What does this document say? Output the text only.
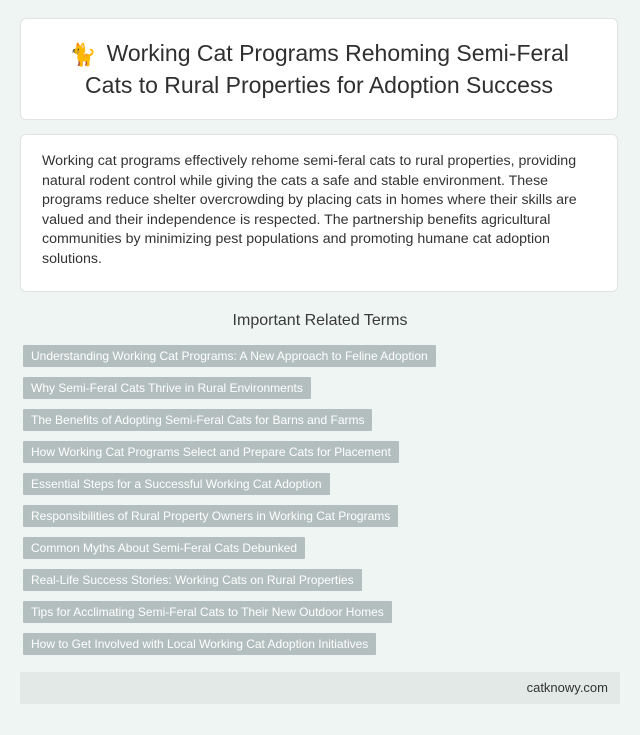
🐈 Working Cat Programs Rehoming Semi-Feral Cats to Rural Properties for Adoption Success

Working cat programs effectively rehome semi-feral cats to rural properties, providing natural rodent control while giving the cats a safe and stable environment. These programs reduce shelter overcrowding by placing cats in homes where their skills are valued and their independence is respected. The partnership benefits agricultural communities by minimizing pest populations and promoting humane cat adoption solutions.

Important Related Terms
Understanding Working Cat Programs: A New Approach to Feline Adoption
Why Semi-Feral Cats Thrive in Rural Environments
The Benefits of Adopting Semi-Feral Cats for Barns and Farms
How Working Cat Programs Select and Prepare Cats for Placement
Essential Steps for a Successful Working Cat Adoption
Responsibilities of Rural Property Owners in Working Cat Programs
Common Myths About Semi-Feral Cats Debunked
Real-Life Success Stories: Working Cats on Rural Properties
Tips for Acclimating Semi-Feral Cats to Their New Outdoor Homes
How to Get Involved with Local Working Cat Adoption Initiatives
catknowy.com
